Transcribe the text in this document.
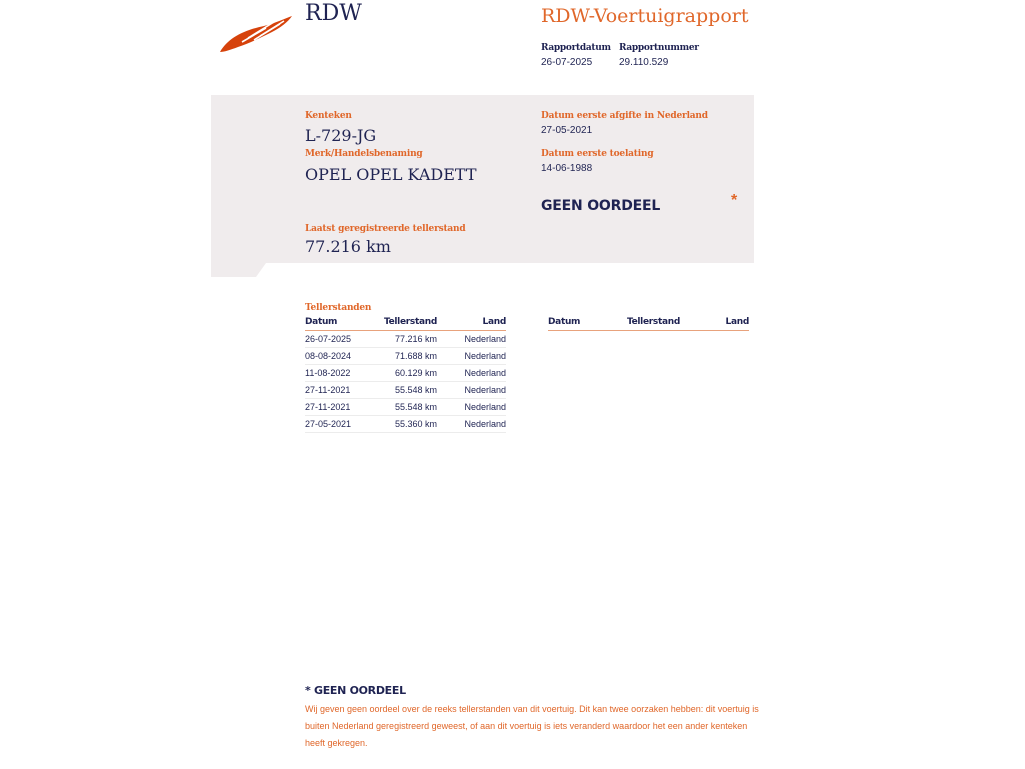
RDW	RDW-Voertuigrapport
Rapportdatum
26-07-2025
Rapportnummer
29.110.529
Kenteken
L-729-JG
Merk/Handelsbenaming
OPEL OPEL KADETT
Datum eerste afgifte in Nederland
27-05-2021
Datum eerste toelating
14-06-1988
GEEN OORDEEL	*
Laatst geregistreerde tellerstand
77.216 km
Tellerstanden
Datum	Tellerstand	Land
26-07-2025	77.216 km	Nederland
08-08-2024	71.688 km	Nederland
11-08-2022	60.129 km	Nederland
27-11-2021	55.548 km	Nederland
27-11-2021	55.548 km	Nederland
27-05-2021	55.360 km	Nederland
Datum	Tellerstand	Land
* GEEN OORDEEL
Wij geven geen oordeel over de reeks tellerstanden van dit voertuig. Dit kan twee oorzaken hebben: dit voertuig is buiten Nederland geregistreerd geweest, of aan dit voertuig is iets veranderd waardoor het een ander kenteken heeft gekregen.
